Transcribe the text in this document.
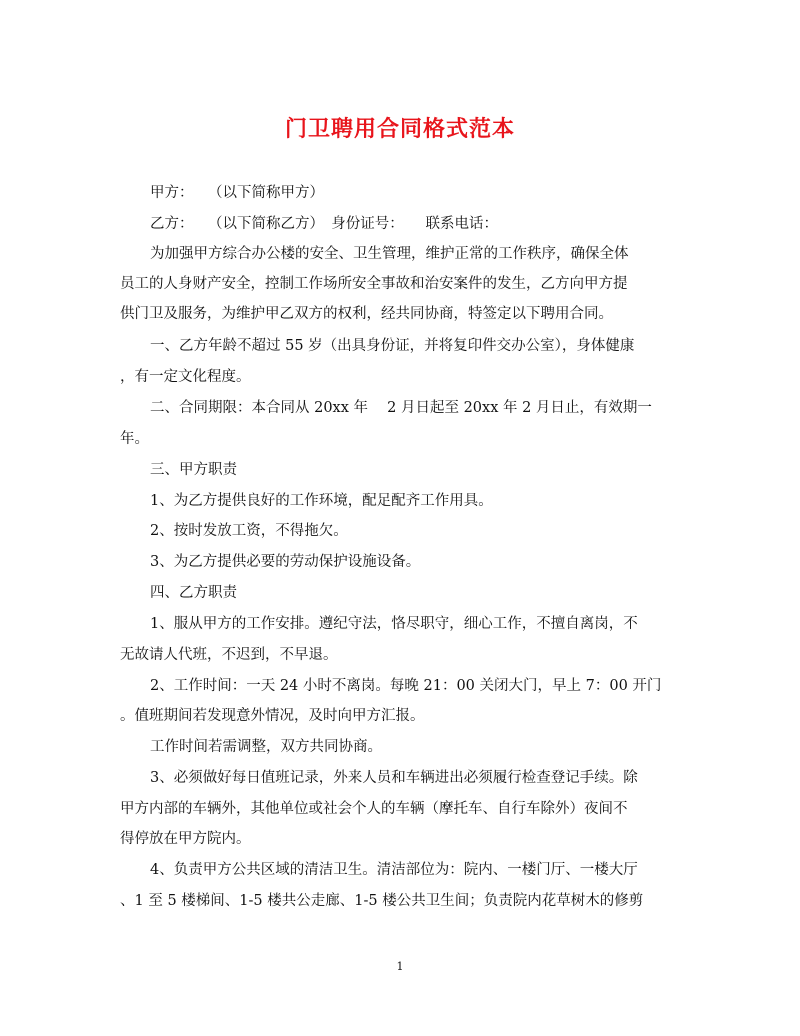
门卫聘用合同格式范本
甲方：　　（以下简称甲方）
乙方：　　（以下简称乙方）　身份证号：　　联系电话：
为加强甲方综合办公楼的安全、卫生管理，维护正常的工作秩序，确保全体
员工的人身财产安全，控制工作场所安全事故和治安案件的发生，乙方向甲方提
供门卫及服务，为维护甲乙双方的权利，经共同协商，特签定以下聘用合同。
一、乙方年龄不超过 55 岁（出具身份证，并将复印件交办公室），身体健康
，有一定文化程度。
二、合同期限：本合同从 20xx 年　 2 月日起至 20xx 年 2 月日止，有效期一
年。
三、甲方职责
1、为乙方提供良好的工作环境，配足配齐工作用具。
2、按时发放工资，不得拖欠。
3、为乙方提供必要的劳动保护设施设备。
四、乙方职责
1、服从甲方的工作安排。遵纪守法，恪尽职守，细心工作，不擅自离岗，不
无故请人代班，不迟到，不早退。
2、工作时间：一天 24 小时不离岗。每晚 21：00 关闭大门，早上 7：00 开门
。值班期间若发现意外情况，及时向甲方汇报。
工作时间若需调整，双方共同协商。
3、必须做好每日值班记录，外来人员和车辆进出必须履行检查登记手续。除
甲方内部的车辆外，其他单位或社会个人的车辆（摩托车、自行车除外）夜间不
得停放在甲方院内。
4、负责甲方公共区域的清洁卫生。清洁部位为：院内、一楼门厅、一楼大厅
、1 至 5 楼梯间、1-5 楼共公走廊、1-5 楼公共卫生间；负责院内花草树木的修剪
1
